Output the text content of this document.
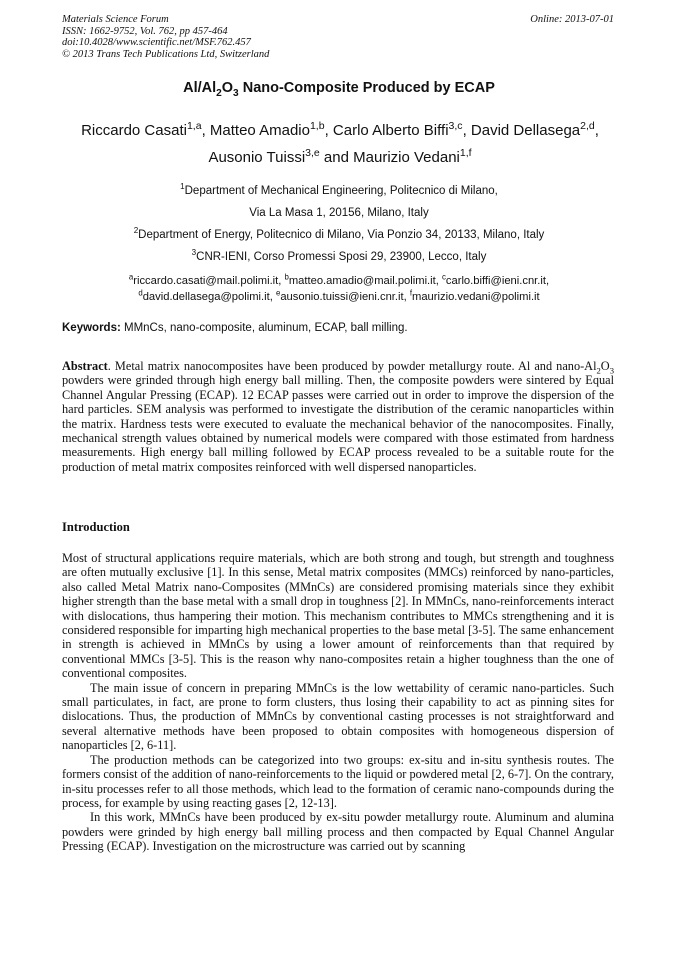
Materials Science Forum
ISSN: 1662-9752, Vol. 762, pp 457-464
doi:10.4028/www.scientific.net/MSF.762.457
© 2013 Trans Tech Publications Ltd, Switzerland
Online: 2013-07-01
$Al/Al_2O_3$ Nano-Composite Produced by ECAP
Riccardo Casati$^{1,a}$, Matteo Amadio$^{1,b}$, Carlo Alberto Biffi$^{3,c}$, David Dellasega$^{2,d}$,
Ausonio Tuissi$^{3,e}$ and Maurizio Vedani$^{1,f}$
$^1$Department of Mechanical Engineering, Politecnico di Milano,
Via La Masa 1, 20156, Milano, Italy
$^2$Department of Energy, Politecnico di Milano, Via Ponzio 34, 20133, Milano, Italy
$^3$CNR-IENI, Corso Promessi Sposi 29, 23900, Lecco, Italy
$^a$riccardo.casati@mail.polimi.it, $^b$matteo.amadio@mail.polimi.it, $^c$carlo.biffi@ieni.cnr.it,
$^d$david.dellasega@polimi.it, $^e$ausonio.tuissi@ieni.cnr.it, $^f$maurizio.vedani@polimi.it
Keywords: MMnCs, nano-composite, aluminum, ECAP, ball milling.

Abstract. Metal matrix nanocomposites have been produced by powder metallurgy route. Al and nano-$Al_2O_3$ powders were grinded through high energy ball milling. Then, the composite powders were sintered by Equal Channel Angular Pressing (ECAP). 12 ECAP passes were carried out in order to improve the dispersion of the hard particles. SEM analysis was performed to investigate the distribution of the ceramic nanoparticles within the matrix. Hardness tests were executed to evaluate the mechanical behavior of the nanocomposites. Finally, mechanical strength values obtained by numerical models were compared with those estimated from hardness measurements. High energy ball milling followed by ECAP process revealed to be a suitable route for the production of metal matrix composites reinforced with well dispersed nanoparticles.

Introduction

Most of structural applications require materials, which are both strong and tough, but strength and toughness are often mutually exclusive [1]. In this sense, Metal matrix composites (MMCs) reinforced by nano-particles, also called Metal Matrix nano-Composites (MMnCs) are considered promising materials since they exhibit higher strength than the base metal with a small drop in toughness [2]. In MMnCs, nano-reinforcements interact with dislocations, thus hampering their motion. This mechanism contributes to MMCs strengthening and it is considered responsible for imparting high mechanical properties to the base metal [3-5]. The same enhancement in strength is achieved in MMnCs by using a lower amount of reinforcements than that required by conventional MMCs [3-5]. This is the reason why nano-composites retain a higher toughness than the one of conventional composites.

The main issue of concern in preparing MMnCs is the low wettability of ceramic nano-particles. Such small particulates, in fact, are prone to form clusters, thus losing their capability to act as pinning sites for dislocations. Thus, the production of MMnCs by conventional casting processes is not straightforward and several alternative methods have been proposed to obtain composites with homogeneous dispersion of nanoparticles [2, 6-11].

The production methods can be categorized into two groups: ex-situ and in-situ synthesis routes. The formers consist of the addition of nano-reinforcements to the liquid or powdered metal [2, 6-7]. On the contrary, in-situ processes refer to all those methods, which lead to the formation of ceramic nano-compounds during the process, for example by using reacting gases [2, 12-13].

In this work, MMnCs have been produced by ex-situ powder metallurgy route. Aluminum and alumina powders were grinded by high energy ball milling process and then compacted by Equal Channel Angular Pressing (ECAP). Investigation on the microstructure was carried out by scanning
